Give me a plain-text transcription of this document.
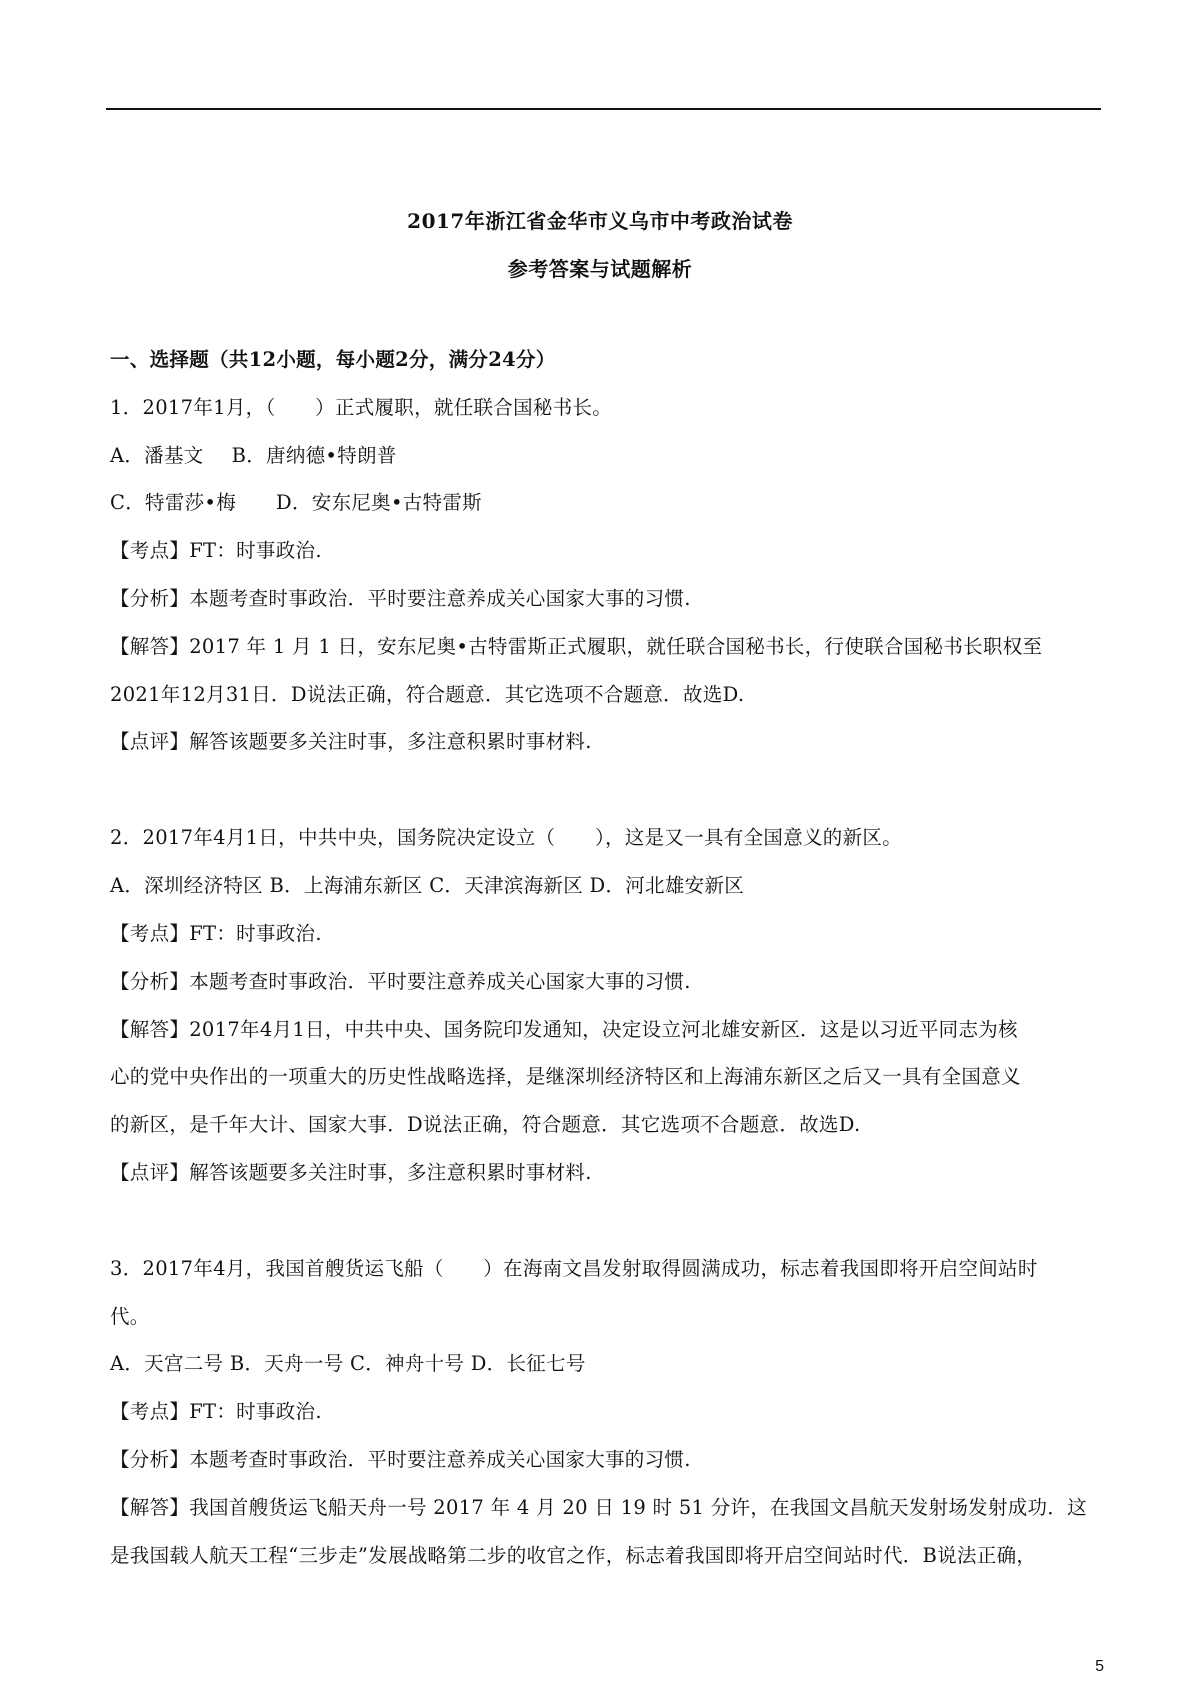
2017年浙江省金华市义乌市中考政治试卷
参考答案与试题解析
一、选择题（共12小题，每小题2分，满分24分）
1．2017年1月，（　　）正式履职，就任联合国秘书长。
A．潘基文 B．唐纳德•特朗普
C．特雷莎•梅 D．安东尼奥•古特雷斯
【考点】FT：时事政治.
【分析】本题考查时事政治．平时要注意养成关心国家大事的习惯.
【解答】2017 年 1 月 1 日，安东尼奥•古特雷斯正式履职，就任联合国秘书长，行使联合国秘书长职权至
2021年12月31日．D说法正确，符合题意．其它选项不合题意．故选D.
【点评】解答该题要多关注时事，多注意积累时事材料.
2．2017年4月1日，中共中央，国务院决定设立（　　），这是又一具有全国意义的新区。
A．深圳经济特区 B．上海浦东新区 C．天津滨海新区 D．河北雄安新区
【考点】FT：时事政治.
【分析】本题考查时事政治．平时要注意养成关心国家大事的习惯.
【解答】2017年4月1日，中共中央、国务院印发通知，决定设立河北雄安新区．这是以习近平同志为核
心的党中央作出的一项重大的历史性战略选择，是继深圳经济特区和上海浦东新区之后又一具有全国意义
的新区，是千年大计、国家大事．D说法正确，符合题意．其它选项不合题意．故选D.
【点评】解答该题要多关注时事，多注意积累时事材料.
3．2017年4月，我国首艘货运飞船（　　）在海南文昌发射取得圆满成功，标志着我国即将开启空间站时
代。
A．天宫二号 B．天舟一号 C．神舟十号 D．长征七号
【考点】FT：时事政治.
【分析】本题考查时事政治．平时要注意养成关心国家大事的习惯.
【解答】我国首艘货运飞船天舟一号 2017 年 4 月 20 日 19 时 51 分许，在我国文昌航天发射场发射成功．这
是我国载人航天工程“三步走”发展战略第二步的收官之作，标志着我国即将开启空间站时代．B说法正确，
5
